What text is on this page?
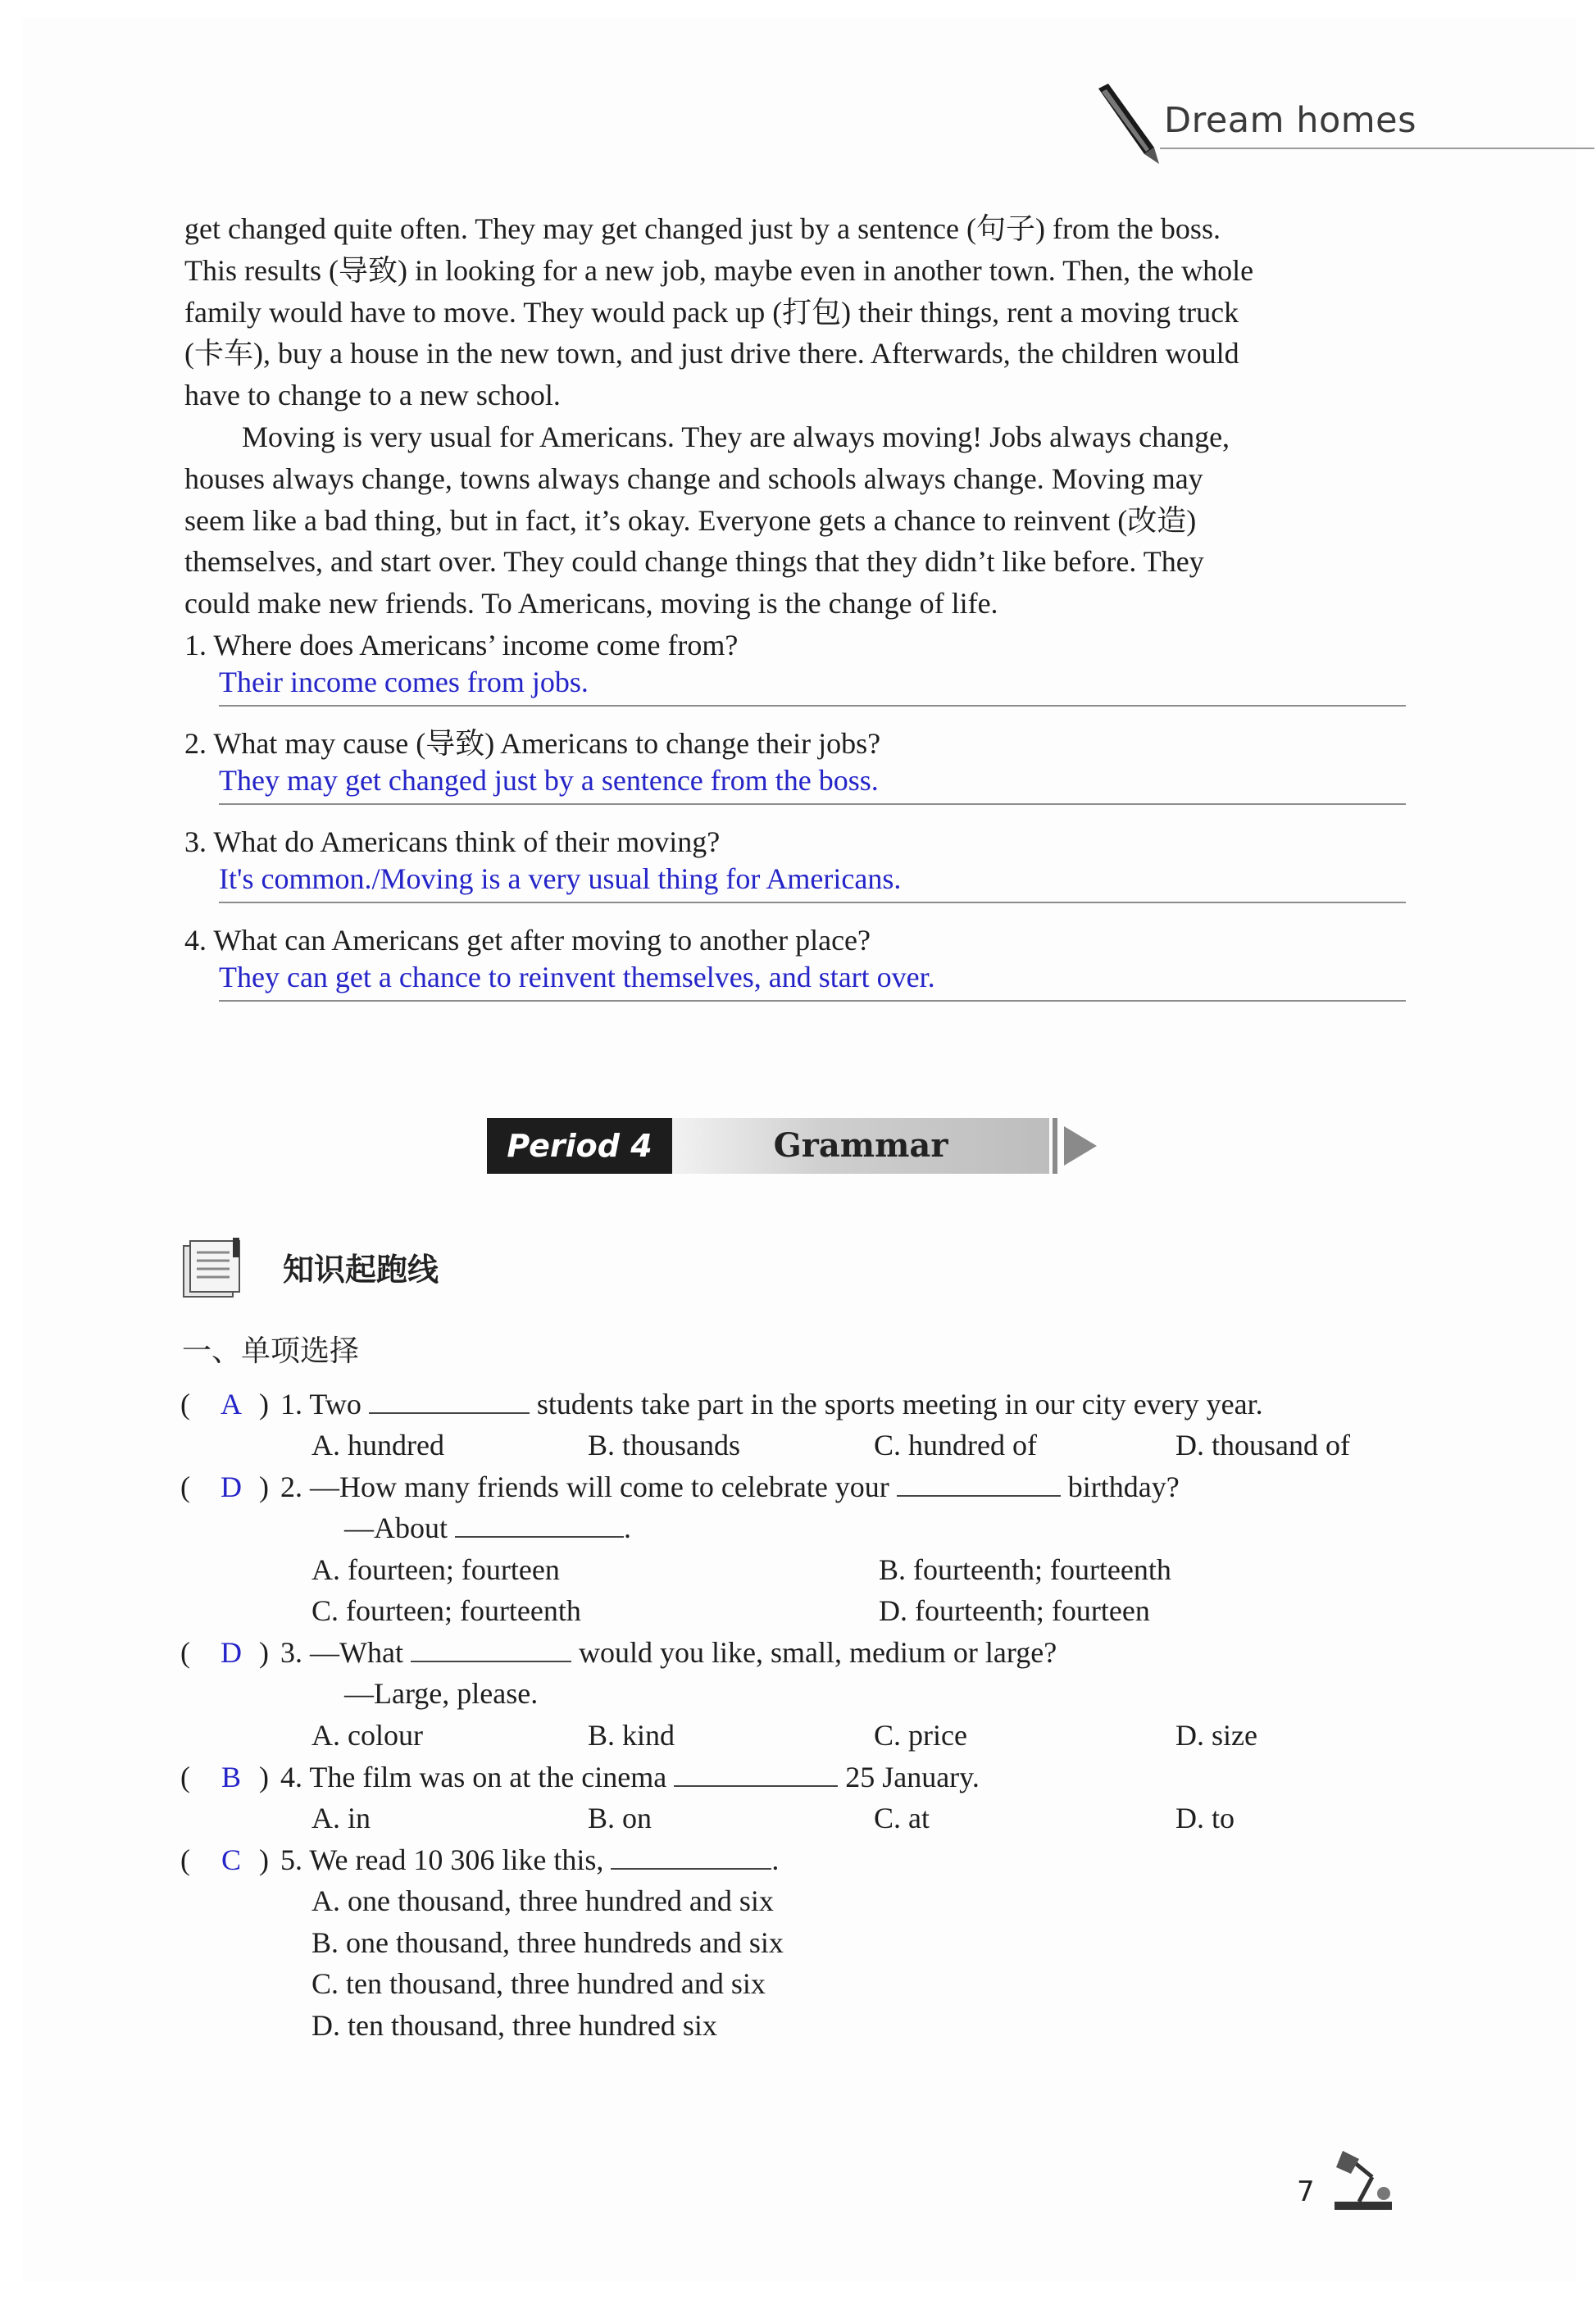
Dream homes

get changed quite often. They may get changed just by a sentence (句子) from the boss.

This results (导致) in looking for a new job, maybe even in another town. Then, the whole

family would have to move. They would pack up (打包) their things, rent a moving truck

(卡车), buy a house in the new town, and just drive there. Afterwards, the children would

have to change to a new school.

Moving is very usual for Americans. They are always moving! Jobs always change,

houses always change, towns always change and schools always change. Moving may

seem like a bad thing, but in fact, it’s okay. Everyone gets a chance to reinvent (改造)

themselves, and start over. They could change things that they didn’t like before. They

could make new friends. To Americans, moving is the change of life.

1. Where does Americans’ income come from?
Their income comes from jobs.
2. What may cause (导致) Americans to change their jobs?
They may get changed just by a sentence from the boss.
3. What do Americans think of their moving?
It's common./Moving is a very usual thing for Americans.
4. What can Americans get after moving to another place?
They can get a chance to reinvent themselves, and start over.
Period 4	Grammar
知识起跑线
一、单项选择
( A ) 1. Two	students take part in the sports meeting in our city every year.
A. hundred	B. thousands	C. hundred of	D. thousand of
( D ) 2. —How many friends will come to celebrate your	birthday?
—About	.
A. fourteen; fourteen	B. fourteenth; fourteenth
C. fourteen; fourteenth	D. fourteenth; fourteen
( D ) 3. —What	would you like, small, medium or large?
—Large, please.
A. colour	B. kind	C. price	D. size
( B ) 4. The film was on at the cinema	25 January.
A. in	B. on	C. at	D. to
( C ) 5. We read 10 306 like this,	.
A. one thousand, three hundred and six
B. one thousand, three hundreds and six
C. ten thousand, three hundred and six
D. ten thousand, three hundred six
7
